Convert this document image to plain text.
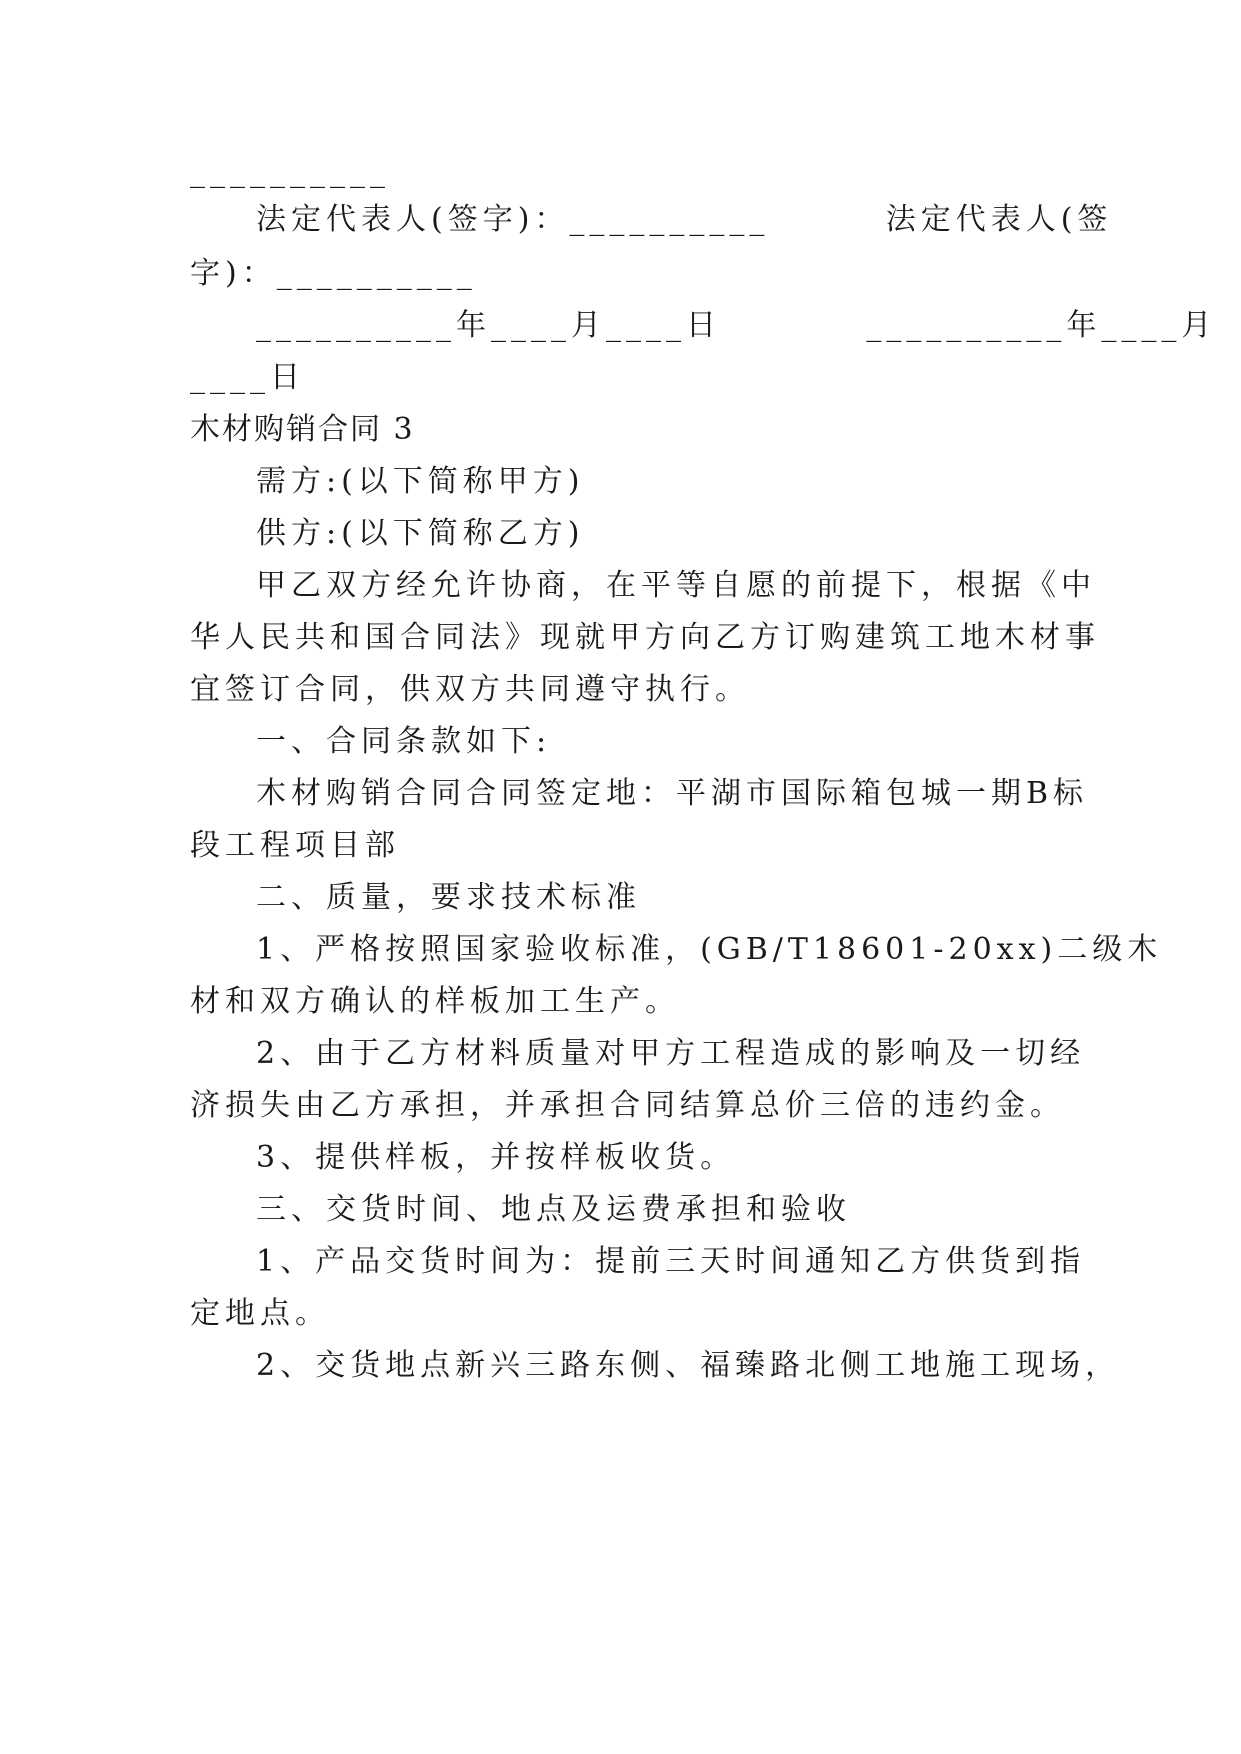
__________
法定代表人(签字)：__________        法定代表人(签
字)：__________
__________年____月____日          __________年____月
____日
木材购销合同 3
需方:(以下简称甲方)
供方:(以下简称乙方)
甲乙双方经允许协商，在平等自愿的前提下，根据《中
华人民共和国合同法》现就甲方向乙方订购建筑工地木材事
宜签订合同，供双方共同遵守执行。
一、合同条款如下:
木材购销合同合同签定地：平湖市国际箱包城一期B标
段工程项目部
二、质量，要求技术标准
1、严格按照国家验收标准，(GB/T18601-20xx)二级木
材和双方确认的样板加工生产。
2、由于乙方材料质量对甲方工程造成的影响及一切经
济损失由乙方承担，并承担合同结算总价三倍的违约金。
3、提供样板，并按样板收货。
三、交货时间、地点及运费承担和验收
1、产品交货时间为：提前三天时间通知乙方供货到指
定地点。
2、交货地点新兴三路东侧、福臻路北侧工地施工现场，
